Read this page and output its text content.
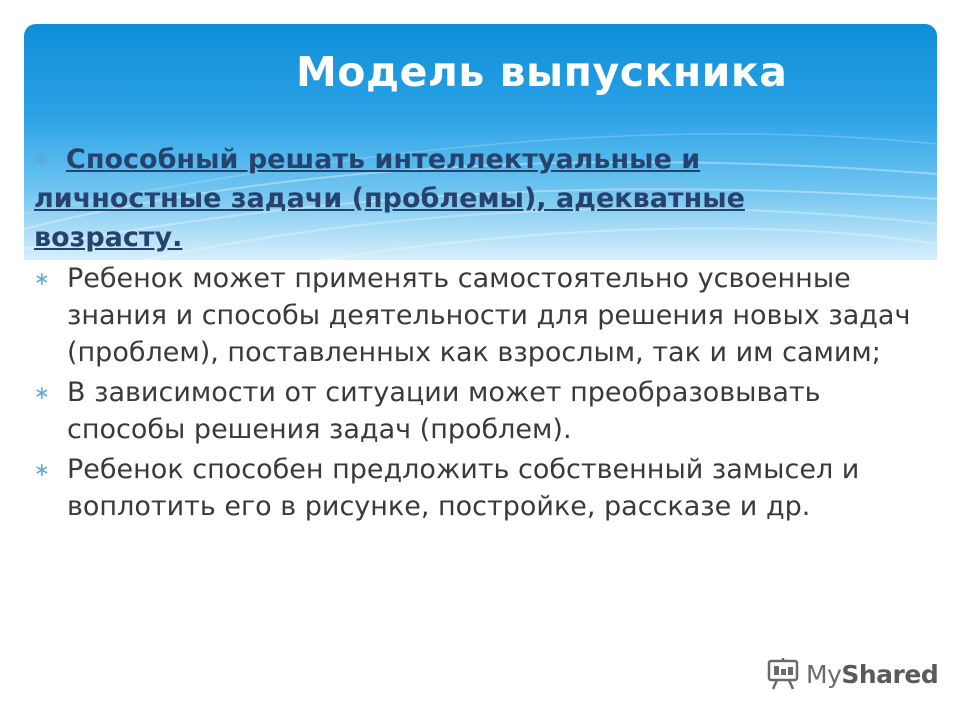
Модель выпускника
∗ Способный решать интеллектуальные и
личностные задачи (проблемы), адекватные
возрасту.
∗ Ребенок может применять самостоятельно усвоенные знания и способы деятельности для решения новых задач (проблем), поставленных как взрослым, так и им самим;
∗ В зависимости от ситуации может преобразовывать способы решения задач (проблем).
∗ Ребенок способен предложить собственный замысел и воплотить его в рисунке, постройке, рассказе и др.
MyShared
